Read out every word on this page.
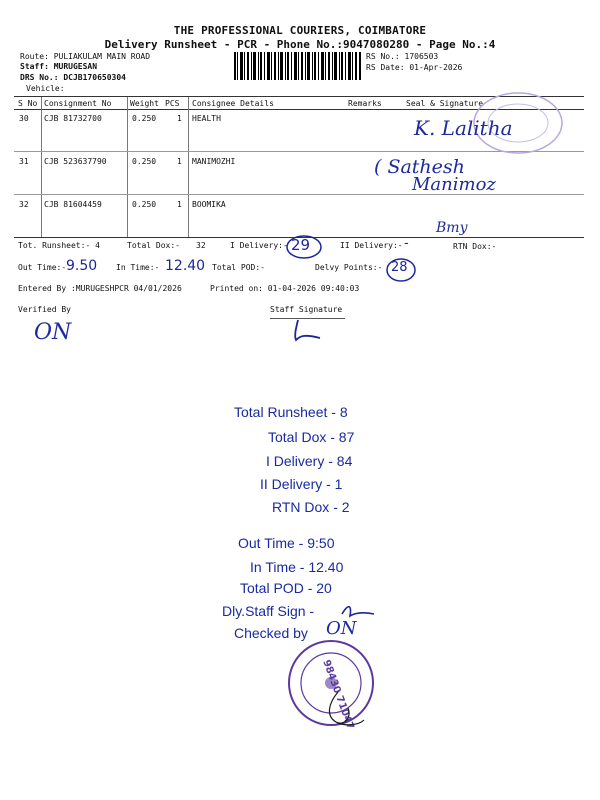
THE PROFESSIONAL COURIERS, COIMBATORE
Delivery Runsheet - PCR - Phone No.:9047080280 - Page No.:4
Route: PULIAKULAM MAIN ROAD
Staff: MURUGESAN
DRS No.: DCJB170650304
Vehicle:
RS No.: 1706503
RS Date: 01-Apr-2026
S No Consignment No Weight PCS Consignee Details	Remarks	Seal & Signature
30 CJB 81732700	0.250	1 HEALTH
31 CJB 523637790	0.250	1 MANIMOZHI
32 CJB 81604459	0.250	1 BOOMIKA
K. Lalitha
( Sathesh
Manimoz
Bmy
Tot. Runsheet:- 4	Total Dox:- 32	I Delivery:- 29	II Delivery:- -	RTN Dox:-
Out Time:- 9.50 In Time:- 12.40 Total POD:-	Delvy Points:- 28
Entered By :MURUGESHPCR 04/01/2026	Printed on: 01-04-2026 09:40:03
Verified By	Staff Signature
ON
Total Runsheet - 8
Total Dox - 87
I Delivery - 84
II Delivery - 1
RTN Dox - 2
Out Time - 9:50
In Time - 12.40
Total POD - 20
Dly.Staff Sign -
Checked by ON
98430 71047
